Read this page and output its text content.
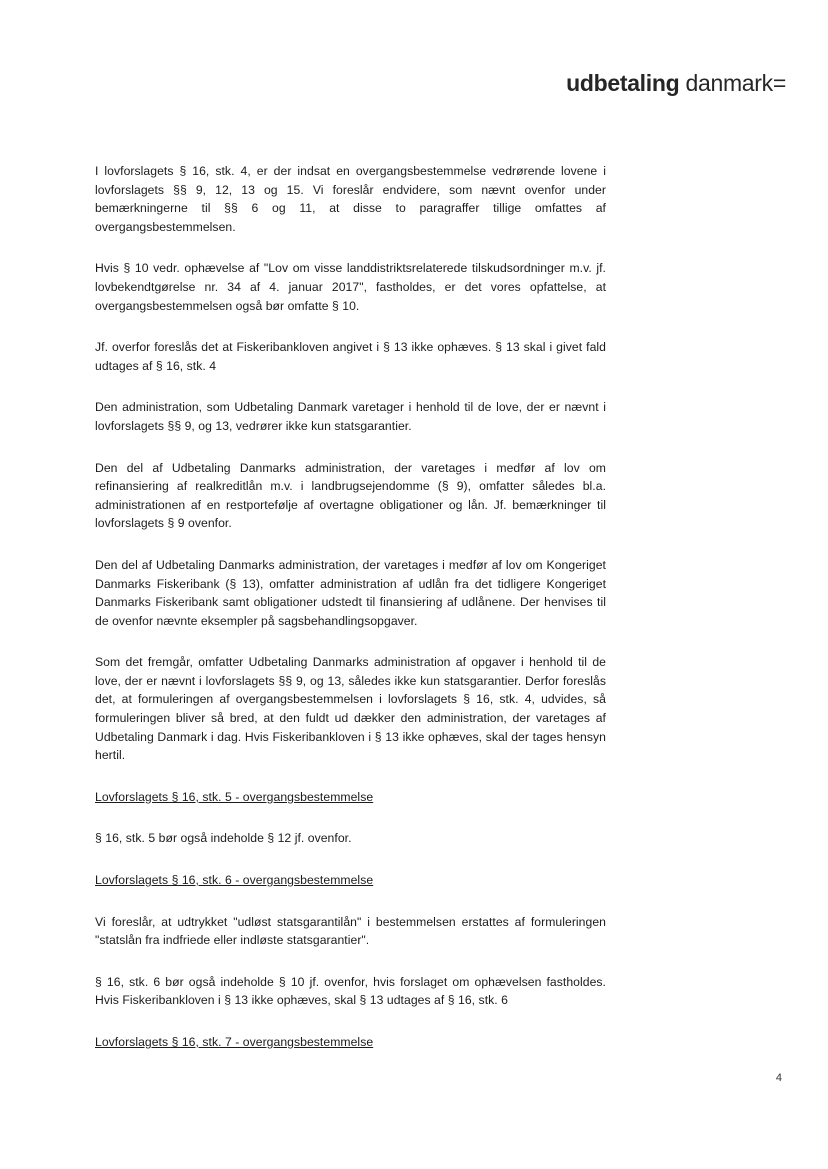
udbetaling danmark=

I lovforslagets § 16, stk. 4, er der indsat en overgangsbestemmelse vedrørende lovene i lovforslagets §§ 9, 12, 13 og 15. Vi foreslår endvidere, som nævnt ovenfor under bemærkningerne til §§ 6 og 11, at disse to paragraffer tillige omfattes af overgangsbestemmelsen.

Hvis § 10 vedr. ophævelse af "Lov om visse landdistriktsrelaterede tilskudsordninger m.v. jf. lovbekendtgørelse nr. 34 af 4. januar 2017", fastholdes, er det vores opfattelse, at overgangsbestemmelsen også bør omfatte § 10.

Jf. overfor foreslås det at Fiskeribankloven angivet i § 13 ikke ophæves. § 13 skal i givet fald udtages af § 16, stk. 4

Den administration, som Udbetaling Danmark varetager i henhold til de love, der er nævnt i lovforslagets §§ 9, og 13, vedrører ikke kun statsgarantier.

Den del af Udbetaling Danmarks administration, der varetages i medfør af lov om refinansiering af realkreditlån m.v. i landbrugsejendomme (§ 9), omfatter således bl.a. administrationen af en restportefølje af overtagne obligationer og lån. Jf. bemærkninger til lovforslagets § 9 ovenfor.

Den del af Udbetaling Danmarks administration, der varetages i medfør af lov om Kongeriget Danmarks Fiskeribank (§ 13), omfatter administration af udlån fra det tidligere Kongeriget Danmarks Fiskeribank samt obligationer udstedt til finansiering af udlånene. Der henvises til de ovenfor nævnte eksempler på sagsbehandlingsopgaver.

Som det fremgår, omfatter Udbetaling Danmarks administration af opgaver i henhold til de love, der er nævnt i lovforslagets §§ 9, og 13, således ikke kun statsgarantier. Derfor foreslås det, at formuleringen af overgangsbestemmelsen i lovforslagets § 16, stk. 4, udvides, så formuleringen bliver så bred, at den fuldt ud dækker den administration, der varetages af Udbetaling Danmark i dag. Hvis Fiskeribankloven i § 13 ikke ophæves, skal der tages hensyn hertil.

Lovforslagets § 16, stk. 5 - overgangsbestemmelse

§ 16, stk. 5 bør også indeholde § 12 jf. ovenfor.

Lovforslagets § 16, stk. 6 - overgangsbestemmelse

Vi foreslår, at udtrykket "udløst statsgarantilån" i bestemmelsen erstattes af formuleringen "statslån fra indfriede eller indløste statsgarantier".

§ 16, stk. 6 bør også indeholde § 10 jf. ovenfor, hvis forslaget om ophævelsen fastholdes. Hvis Fiskeribankloven i § 13 ikke ophæves, skal § 13 udtages af § 16, stk. 6

Lovforslagets § 16, stk. 7 - overgangsbestemmelse

4
